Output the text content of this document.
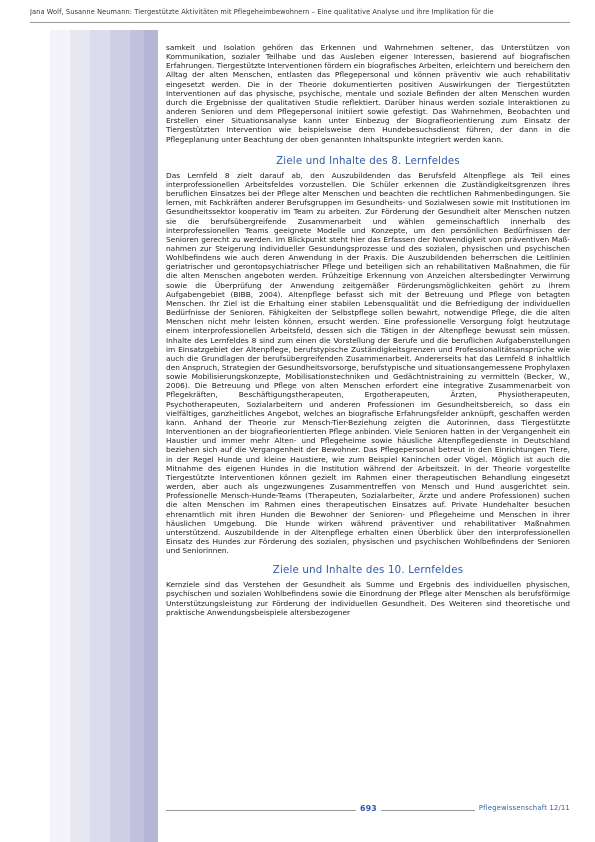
Jana Wolf, Susanne Neumann: Tiergestützte Aktivitäten mit Pflegeheimbewohnern – Eine qualitative Analyse und ihre Implikation für die

samkeit und Isolation gehören das Erkennen und Wahrnehmen seltener, das Unterstützen von Kommunikation, sozialer Teilhabe und das Ausleben eigener Interessen, basierend auf biografischen Erfahrungen. Tiergestützte Interventionen fördern ein biografisches Arbeiten, erleichtern und bereichern den Alltag der alten Menschen, entlasten das Pflegepersonal und können präventiv wie auch rehabilitativ eingesetzt werden. Die in der Theorie dokumentierten positiven Auswirkungen der Tiergestützten Interventionen auf das physische, psychische, mentale und soziale Befinden der alten Menschen wurden durch die Ergebnisse der qualitativen Studie reflektiert. Darüber hinaus werden soziale Interaktionen zu anderen Senioren und dem Pflegepersonal initiiert sowie gefestigt. Das Wahrnehmen, Beobachten und Erstellen einer Situationsanalyse kann unter Einbezug der Biografieorientierung zum Einsatz der Tiergestützten Intervention wie beispielsweise dem Hundebesuchsdienst führen, der dann in die Pflegeplanung unter Beachtung der oben genannten Inhaltspunkte integriert werden kann.

Ziele und Inhalte des 8. Lernfeldes

Das Lernfeld 8 zielt darauf ab, den Auszubildenden das Berufsfeld Altenpflege als Teil eines interprofessionellen Arbeitsfeldes vorzustellen. Die Schüler erkennen die Zuständigkeitsgrenzen ihres beruflichen Einsatzes bei der Pflege alter Menschen und beachten die rechtlichen Rahmenbedingungen. Sie lernen, mit Fachkräften anderer Berufsgruppen im Gesundheits- und Sozialwesen sowie mit Institutionen im Gesundheitssektor kooperativ im Team zu arbeiten. Zur Förderung der Gesundheit alter Menschen nutzen sie die berufsübergreifende Zusammenarbeit und wählen gemeinschaftlich innerhalb des interprofessionellen Teams geeignete Modelle und Konzepte, um den persönlichen Bedürfnissen der Senioren gerecht zu werden. Im Blickpunkt steht hier das Erfassen der Notwendigkeit von präventiven Maßnahmen zur Steigerung individueller Gesundungsprozesse und des sozialen, physischen und psychischen Wohlbefindens wie auch deren Anwendung in der Praxis. Die Auszubildenden beherrschen die Leitlinien geriatrischer und gerontopsychiatrischer Pflege und beteiligen sich an rehabilitativen Maßnahmen, die für die alten Menschen angeboten werden. Frühzeitige Erkennung von Anzeichen altersbedingter Verwirrung sowie die Überprüfung der Anwendung zeitgemäßer Förderungsmöglichkeiten gehört zu ihrem Aufgabengebiet (BIBB, 2004). Altenpflege befasst sich mit der Betreuung und Pflege von betagten Menschen. Ihr Ziel ist die Erhaltung einer stabilen Lebensqualität und die Befriedigung der individuellen Bedürfnisse der Senioren. Fähigkeiten der Selbstpflege sollen bewahrt, notwendige Pflege, die die alten Menschen nicht mehr leisten können, ersucht werden. Eine professionelle Versorgung folgt heutzutage einem interprofessionellen Arbeitsfeld, dessen sich die Tätigen in der Altenpflege bewusst sein müssen. Inhalte des Lernfeldes 8 sind zum einen die Vorstellung der Berufe und die beruflichen Aufgabenstellungen im Einsatzgebiet der Altenpflege, berufstypische Zuständigkeitsgrenzen und Professionalitätsansprüche wie auch die Grundlagen der berufsübergreifenden Zusammenarbeit. Andererseits hat das Lernfeld 8 inhaltlich den Anspruch, Strategien der Gesundheitsvorsorge, berufstypische und situationsangemessene Prophylaxen sowie Mobilisierungskonzepte, Mobilisationstechniken und Gedächtnistraining zu vermitteln (Becker, W., 2006). Die Betreuung und Pflege von alten Menschen erfordert eine integrative Zusammenarbeit von Pflegekräften, Beschäftigungstherapeuten, Ergotherapeuten, Ärzten, Physiotherapeuten, Psychotherapeuten, Sozialarbeitern und anderen Professionen im Gesundheitsbereich, so dass ein vielfältiges, ganzheitliches Angebot, welches an biografische Erfahrungsfelder anknüpft, geschaffen werden kann. Anhand der Theorie zur Mensch-Tier-Beziehung zeigten die Autorinnen, dass Tiergestützte Interventionen an der biografieorientierten Pflege anbinden. Viele Senioren hatten in der Vergangenheit ein Haustier und immer mehr Alten- und Pflegeheime sowie häusliche Altenpflegedienste in Deutschland beziehen sich auf die Vergangenheit der Bewohner. Das Pflegepersonal betreut in den Einrichtungen Tiere, in der Regel Hunde und kleine Haustiere, wie zum Beispiel Kaninchen oder Vögel. Möglich ist auch die Mitnahme des eigenen Hundes in die Institution während der Arbeitszeit. In der Theorie vorgestellte Tiergestützte Interventionen können gezielt im Rahmen einer therapeutischen Behandlung eingesetzt werden, aber auch als ungezwungenes Zusammentreffen von Mensch und Hund ausgerichtet sein. Professionelle Mensch-Hunde-Teams (Therapeuten, Sozialarbeiter, Ärzte und andere Professionen) suchen die alten Menschen im Rahmen eines therapeutischen Einsatzes auf. Private Hundehalter besuchen ehrenamtlich mit ihren Hunden die Bewohner der Senioren- und Pflegeheime und Menschen in ihrer häuslichen Umgebung. Die Hunde wirken während präventiver und rehabilitativer Maßnahmen unterstützend. Auszubildende in der Altenpflege erhalten einen Überblick über den interprofessionellen Einsatz des Hundes zur Förderung des sozialen, physischen und psychischen Wohlbefindens der Senioren und Seniorinnen.

Ziele und Inhalte des 10. Lernfeldes

Kernziele sind das Verstehen der Gesundheit als Summe und Ergebnis des individuellen physischen, psychischen und sozialen Wohlbefindens sowie die Einordnung der Pflege alter Menschen als berufsförmige Unterstützungsleistung zur Förderung der individuellen Gesundheit. Des Weiteren sind theoretische und praktische Anwendungsbeispiele altersbezogener

693	Pflegewissenschaft 12/11
